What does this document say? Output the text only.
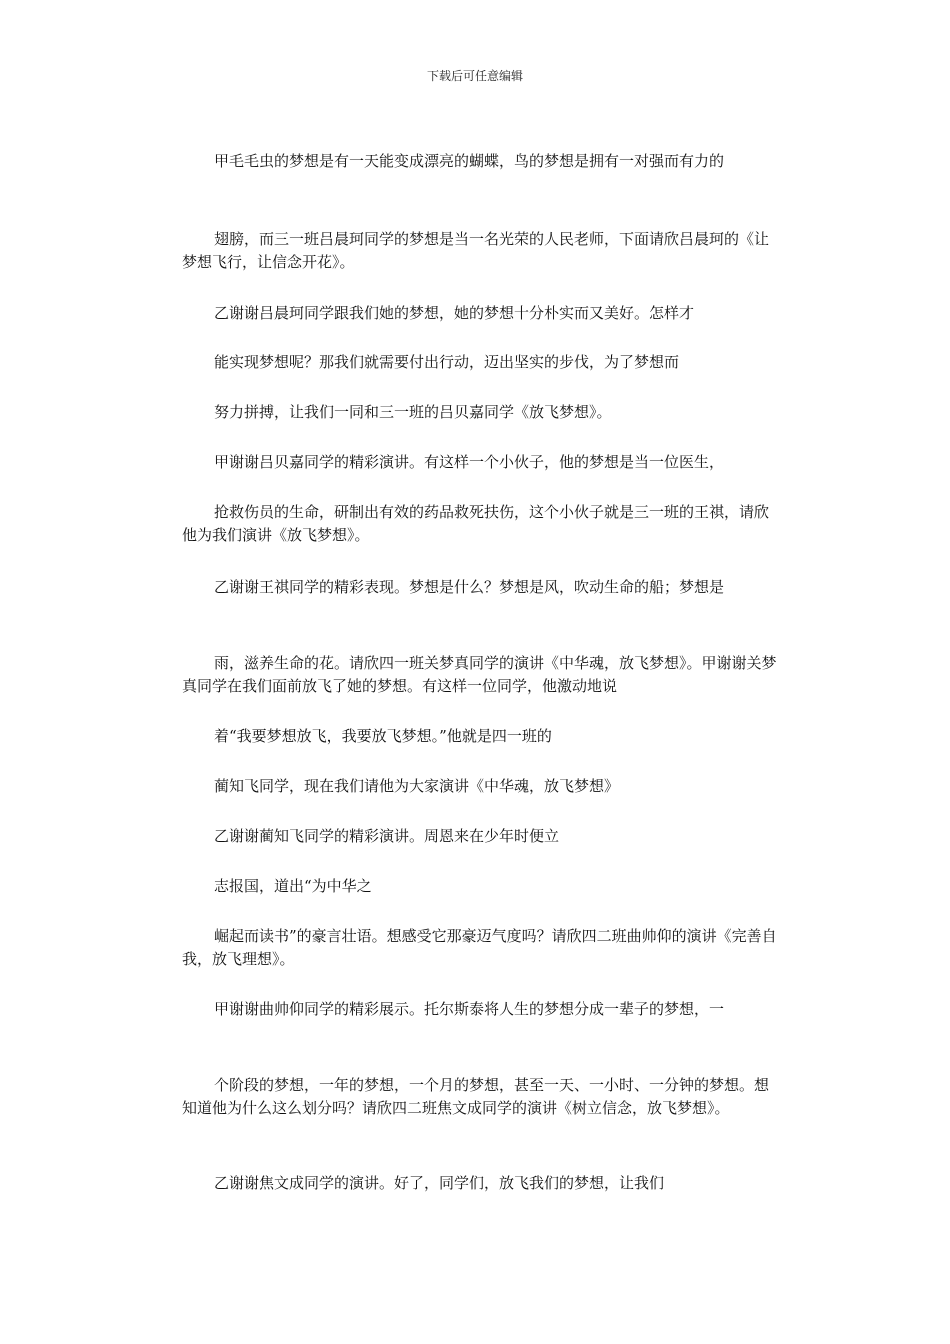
下载后可任意编辑

甲毛毛虫的梦想是有一天能变成漂亮的蝴蝶，鸟的梦想是拥有一对强而有力的

翅膀，而三一班吕晨珂同学的梦想是当一名光荣的人民老师，下面请欣吕晨珂的《让梦想飞行，让信念开花》。

乙谢谢吕晨珂同学跟我们她的梦想，她的梦想十分朴实而又美好。怎样才

能实现梦想呢？那我们就需要付出行动，迈出坚实的步伐，为了梦想而

努力拼搏，让我们一同和三一班的吕贝嘉同学《放飞梦想》。

甲谢谢吕贝嘉同学的精彩演讲。有这样一个小伙子，他的梦想是当一位医生，

抢救伤员的生命，研制出有效的药品救死扶伤，这个小伙子就是三一班的王祺，请欣他为我们演讲《放飞梦想》。

乙谢谢王祺同学的精彩表现。梦想是什么？梦想是风，吹动生命的船；梦想是

雨，滋养生命的花。请欣四一班关梦真同学的演讲《中华魂，放飞梦想》。甲谢谢关梦真同学在我们面前放飞了她的梦想。有这样一位同学，他激动地说

着“我要梦想放飞，我要放飞梦想。”他就是四一班的

蔺知飞同学，现在我们请他为大家演讲《中华魂，放飞梦想》

乙谢谢蔺知飞同学的精彩演讲。周恩来在少年时便立

志报国，道出“为中华之

崛起而读书”的豪言壮语。想感受它那豪迈气度吗？请欣四二班曲帅仰的演讲《完善自我，放飞理想》。

甲谢谢曲帅仰同学的精彩展示。托尔斯泰将人生的梦想分成一辈子的梦想，一

个阶段的梦想，一年的梦想，一个月的梦想，甚至一天、一小时、一分钟的梦想。想知道他为什么这么划分吗？请欣四二班焦文成同学的演讲《树立信念，放飞梦想》。

乙谢谢焦文成同学的演讲。好了，同学们，放飞我们的梦想，让我们
